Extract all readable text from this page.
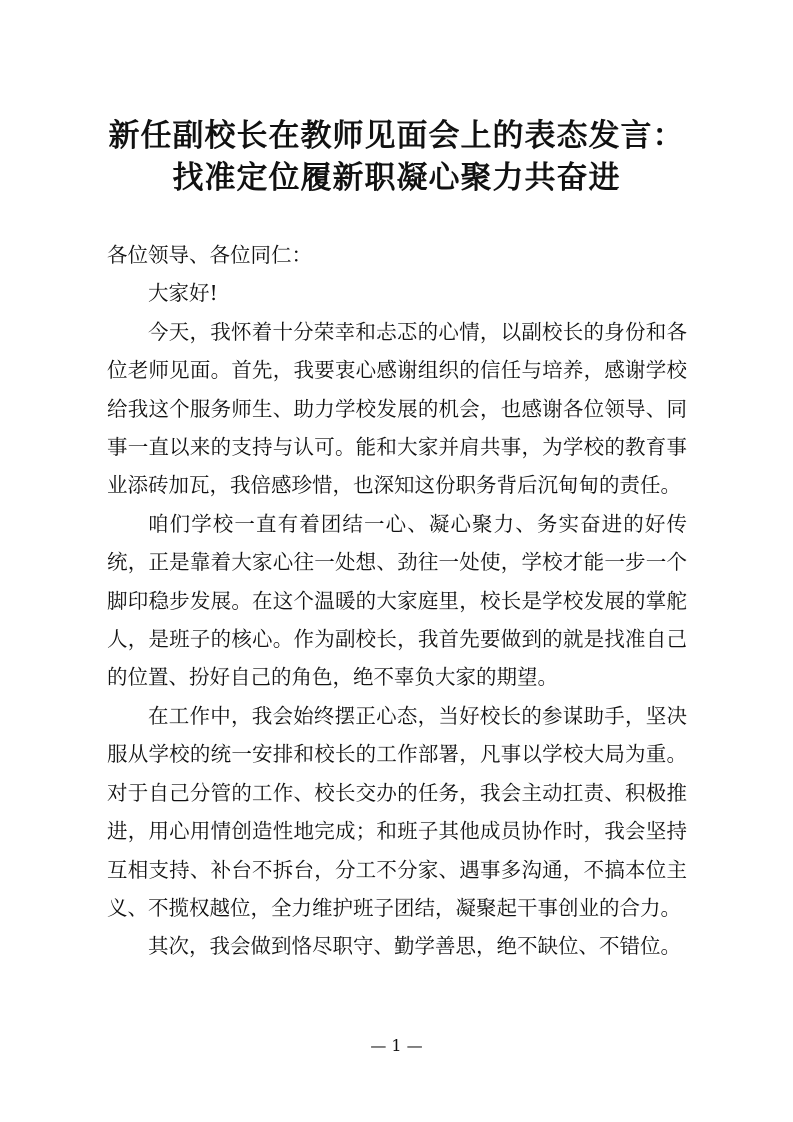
新任副校长在教师见面会上的表态发言：
找准定位履新职凝心聚力共奋进

各位领导、各位同仁：

大家好!

今天，我怀着十分荣幸和忐忑的心情，以副校长的身份和各位老师见面。首先，我要衷心感谢组织的信任与培养，感谢学校给我这个服务师生、助力学校发展的机会，也感谢各位领导、同事一直以来的支持与认可。能和大家并肩共事，为学校的教育事业添砖加瓦，我倍感珍惜，也深知这份职务背后沉甸甸的责任。

咱们学校一直有着团结一心、凝心聚力、务实奋进的好传统，正是靠着大家心往一处想、劲往一处使，学校才能一步一个脚印稳步发展。在这个温暖的大家庭里，校长是学校发展的掌舵人，是班子的核心。作为副校长，我首先要做到的就是找准自己的位置、扮好自己的角色，绝不辜负大家的期望。

在工作中，我会始终摆正心态，当好校长的参谋助手，坚决服从学校的统一安排和校长的工作部署，凡事以学校大局为重。对于自己分管的工作、校长交办的任务，我会主动扛责、积极推进，用心用情创造性地完成；和班子其他成员协作时，我会坚持互相支持、补台不拆台，分工不分家、遇事多沟通，不搞本位主义、不揽权越位，全力维护班子团结，凝聚起干事创业的合力。

其次，我会做到恪尽职守、勤学善思，绝不缺位、不错位。

— 1 —
